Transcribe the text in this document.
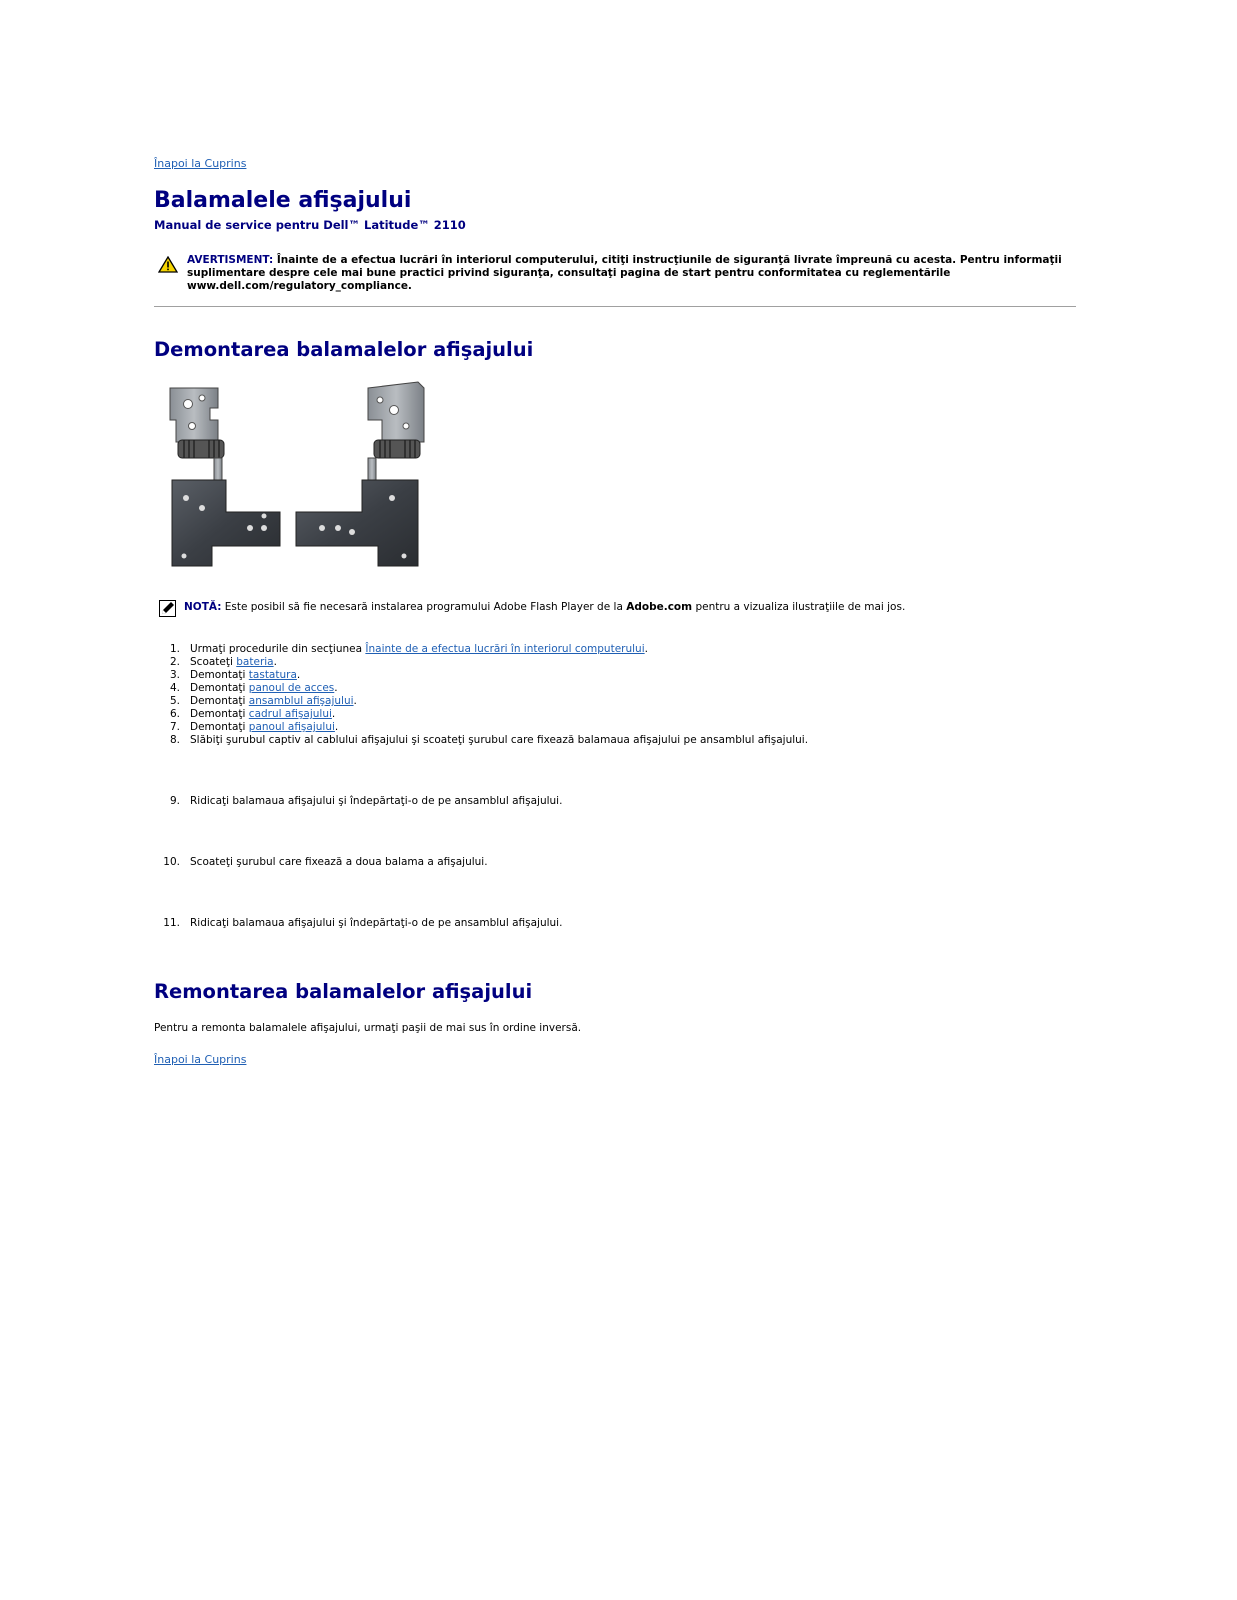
Înapoi la Cuprins
Balamalele afişajului
Manual de service pentru Dell™ Latitude™ 2110
AVERTISMENT: Înainte de a efectua lucrări în interiorul computerului, citiţi instrucţiunile de siguranţă livrate împreună cu acesta. Pentru informaţii suplimentare despre cele mai bune practici privind siguranţa, consultaţi pagina de start pentru conformitatea cu reglementările www.dell.com/regulatory_compliance.
Demontarea balamalelor afişajului
NOTĂ: Este posibil să fie necesară instalarea programului Adobe Flash Player de la Adobe.com pentru a vizualiza ilustraţiile de mai jos.
1. Urmaţi procedurile din secţiunea Înainte de a efectua lucrări în interiorul computerului.
2. Scoateţi bateria.
3. Demontaţi tastatura.
4. Demontaţi panoul de acces.
5. Demontaţi ansamblul afişajului.
6. Demontaţi cadrul afişajului.
7. Demontaţi panoul afişajului.
8. Slăbiţi şurubul captiv al cablului afişajului şi scoateţi şurubul care fixează balamaua afişajului pe ansamblul afişajului.
9. Ridicaţi balamaua afişajului şi îndepărtaţi-o de pe ansamblul afişajului.
10. Scoateţi şurubul care fixează a doua balama a afişajului.
11. Ridicaţi balamaua afişajului şi îndepărtaţi-o de pe ansamblul afişajului.
Remontarea balamalelor afişajului
Pentru a remonta balamalele afişajului, urmaţi paşii de mai sus în ordine inversă.
Înapoi la Cuprins
